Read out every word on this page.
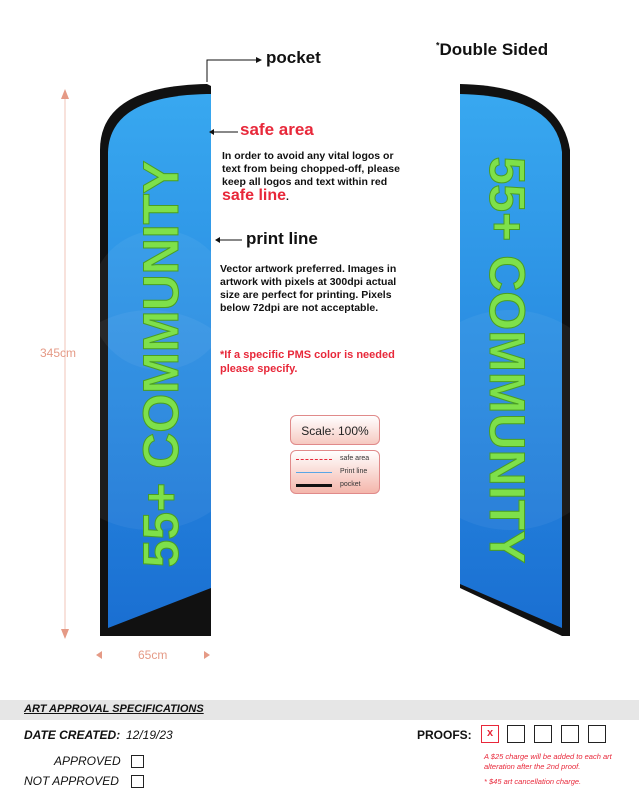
55+ COMMUNITY	55+ COMMUNITY
pocket
*Double Sided
safe area
In order to avoid any vital logos or text from being chopped-off, please keep all logos and text within red safe line.
print line
Vector artwork preferred. Images in artwork with pixels at 300dpi actual size are perfect for printing. Pixels below 72dpi are not acceptable.
*If a specific PMS color is needed please specify.
345cm
65cm
Scale: 100%
safe area
Print line
pocket
ART APPROVAL SPECIFICATIONS
DATE CREATED: 12/19/23	PROOFS:	x
APPROVED
NOT APPROVED
A $25 charge will be added to each art alteration after the 2nd proof.
* $45 art cancellation charge.
